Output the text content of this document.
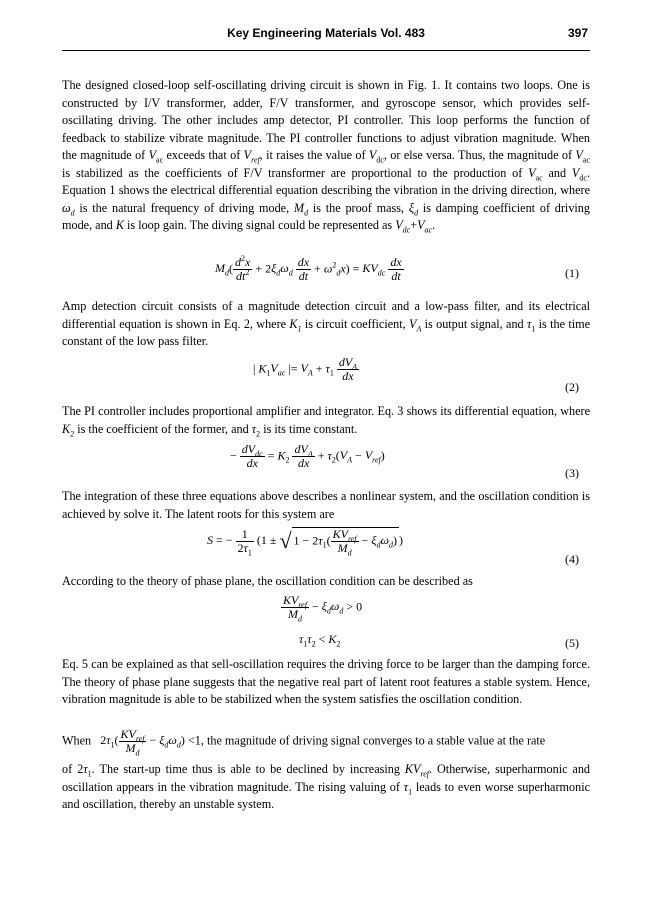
Key Engineering Materials Vol. 483	397

The designed closed-loop self-oscillating driving circuit is shown in Fig. 1. It contains two loops. One is constructed by I/V transformer, adder, F/V transformer, and gyroscope sensor, which provides self-oscillating driving. The other includes amp detector, PI controller. This loop performs the function of feedback to stabilize vibrate magnitude. The PI controller functions to adjust vibration magnitude. When the magnitude of $V_{ac}$ exceeds that of $V_{ref}$, it raises the value of $V_{dc}$, or else versa. Thus, the magnitude of $V_{ac}$ is stabilized as the coefficients of F/V transformer are proportional to the production of $V_{ac}$ and $V_{dc}$. Equation 1 shows the electrical differential equation describing the vibration in the driving direction, where $\omega_d$ is the natural frequency of driving mode, $M_d$ is the proof mass, $\xi_d$ is damping coefficient of driving mode, and K is loop gain. The diving signal could be represented as $V_{dc}+V_{ac}$.

$M_d( \frac{d^2x}{dt^2} + 2\xi_d\omega_d \frac{dx}{dt} + \omega^2_dx) = KV_{dc} \frac{dx}{dt}$	(1)

Amp detection circuit consists of a magnitude detection circuit and a low-pass filter, and its electrical differential equation is shown in Eq. 2, where $K_1$ is circuit coefficient, $V_A$ is output signal, and $\tau_1$ is the time constant of the low pass filter.

| $K_1V_{ac}$ |= $V_A + \tau_1 \frac{dV_A}{dx}$
(2)

The PI controller includes proportional amplifier and integrator. Eq. 3 shows its differential equation, where $K_2$ is the coefficient of the former, and $\tau_2$ is its time constant.

− $\frac{dV_{dc}}{dx} = K_2 \frac{dV_A}{dx} + \tau_2(V_A - V_{ref})$
(3)

The integration of these three equations above describes a nonlinear system, and the oscillation condition is achieved by solve it. The latent roots for this system are

S = − $\frac{1}{2\tau_1} (1$ ± √ $1 - 2\tau_1( \frac{KV_{ref}}{M_d} - \xi_d\omega_d)$ )
(4)

According to the theory of phase plane, the oscillation condition can be described as

$\frac{KV_{ref}}{M_d} - \xi_d\omega_d > 0$
$\tau_1\tau_2 < K_2$	(5)

Eq. 5 can be explained as that sell-oscillation requires the driving force to be larger than the damping force. The theory of phase plane suggests that the negative real part of latent root features a stable system. Hence, vibration magnitude is able to be stabilized when the system satisfies the oscillation condition.

When $2\tau_1( \frac{KV_{ref}}{M_d} - \xi_d\omega_d) <1$, the magnitude of driving signal converges to a stable value at the rate

of $2\tau_1$. The start-up time thus is able to be declined by increasing $KV_{ref}$. Otherwise, superharmonic and oscillation appears in the vibration magnitude. The rising valuing of $\tau_1$ leads to even worse superharmonic and oscillation, thereby an unstable system.
